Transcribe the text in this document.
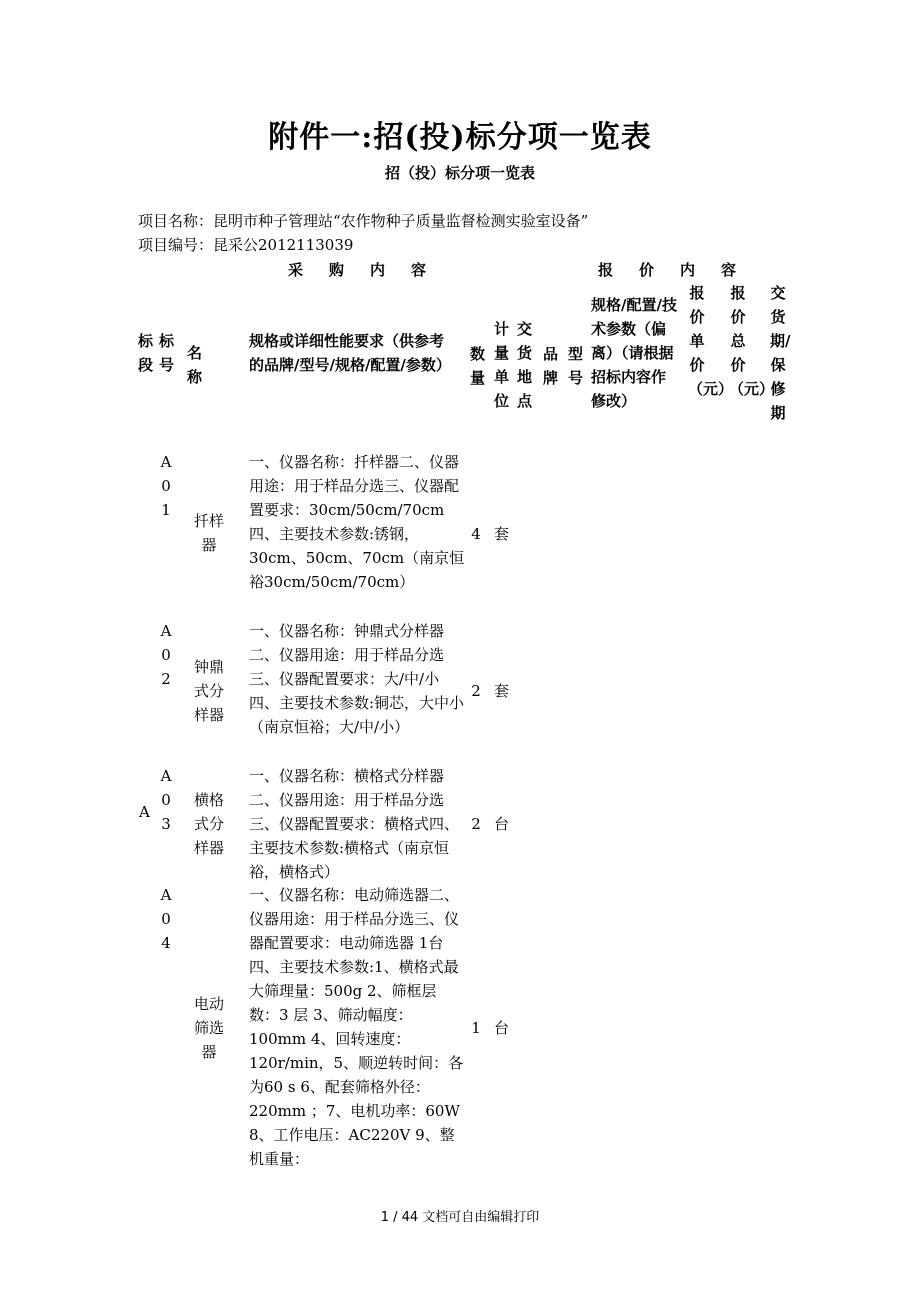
附件一:招(投)标分项一览表
招（投）标分项一览表
项目名称：昆明市种子管理站“农作物种子质量监督检测实验室设备”
项目编号：昆采公2012113039
采购内容	报价内容
标段
标号
名称
规格或详细性能要求（供参考的品牌/型号/规格/配置/参数）
数量
计量单位
交货地点
品牌
型号
规格/配置/技术参数（偏离）（请根据招标内容作修改）
报价单价（元）
报价总价（元）
交货期/保修期
A
A01
扦样器
一、仪器名称：扦样器二、仪器用途：用于样品分选三、仪器配置要求：30cm/50cm/70cm 四、主要技术参数:锈钢，30cm、50cm、70cm（南京恒裕30cm/50cm/70cm）
4 套
A02
钟鼎式分样器
一、仪器名称：钟鼎式分样器二、仪器用途：用于样品分选三、仪器配置要求：大/中/小四、主要技术参数:铜芯，大中小（南京恒裕；大/中/小）
2 套
A03
横格式分样器
一、仪器名称：横格式分样器二、仪器用途：用于样品分选三、仪器配置要求：横格式四、主要技术参数:横格式（南京恒裕，横格式）
2 台
A04
电动筛选器
一、仪器名称：电动筛选器二、仪器用途：用于样品分选三、仪器配置要求：电动筛选器 1台四、主要技术参数:1、横格式最大筛理量：500g 2、筛框层数：3 层 3、筛动幅度：100mm 4、回转速度：120r/min，5、顺逆转时间：各为60 s 6、配套筛格外径：220mm ；7、电机功率：60W 8、工作电压：AC220V 9、整机重量：
1 台
1 / 44 文档可自由编辑打印
